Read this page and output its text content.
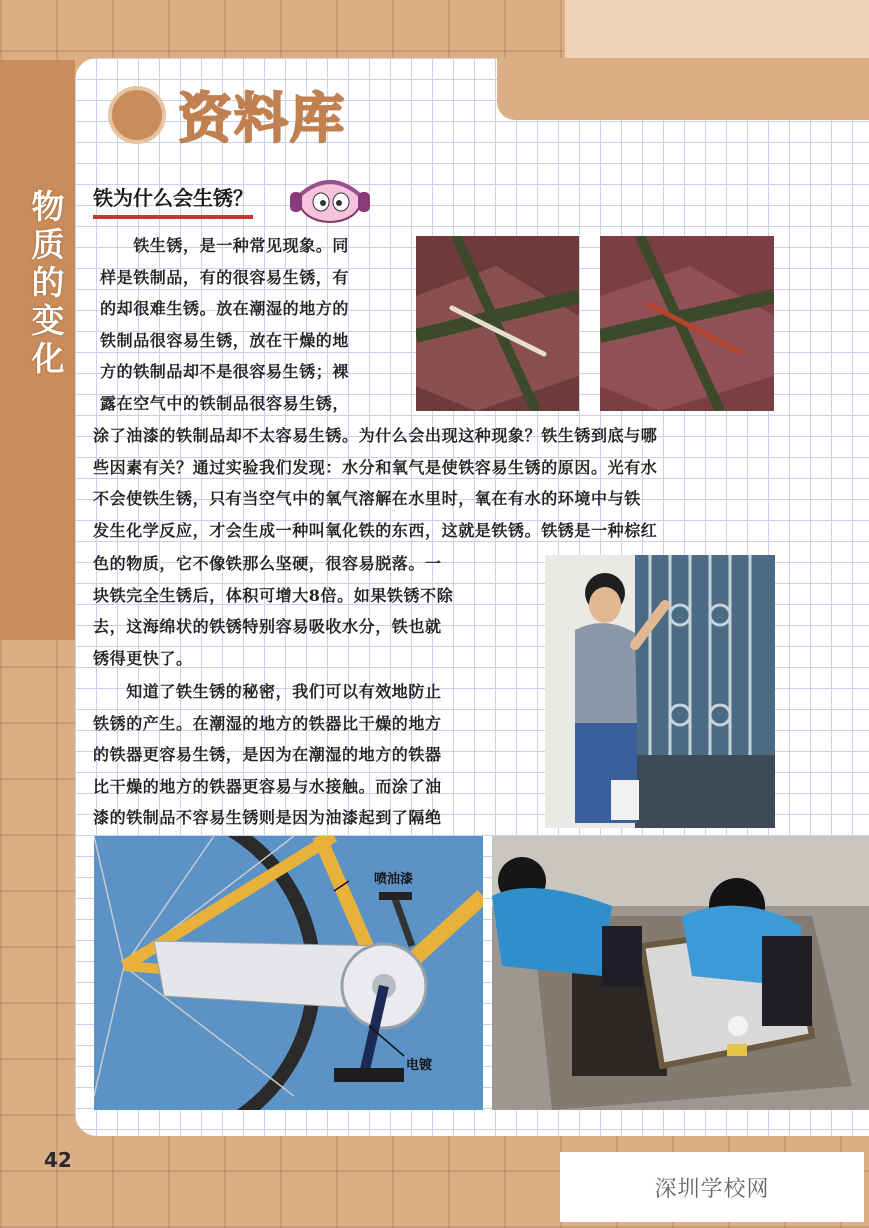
物
质
的
变
化
资料库
铁为什么会生锈？
　　铁生锈，是一种常见现象。同
样是铁制品，有的很容易生锈，有
的却很难生锈。放在潮湿的地方的
铁制品很容易生锈，放在干燥的地
方的铁制品却不是很容易生锈；裸
露在空气中的铁制品很容易生锈，
涂了油漆的铁制品却不太容易生锈。为什么会出现这种现象？铁生锈到底与哪
些因素有关？通过实验我们发现：水分和氧气是使铁容易生锈的原因。光有水
不会使铁生锈，只有当空气中的氧气溶解在水里时，氧在有水的环境中与铁
发生化学反应，才会生成一种叫氧化铁的东西，这就是铁锈。铁锈是一种棕红
色的物质，它不像铁那么坚硬，很容易脱落。一
块铁完全生锈后，体积可增大8倍。如果铁锈不除
去，这海绵状的铁锈特别容易吸收水分，铁也就
锈得更快了。
　　知道了铁生锈的秘密，我们可以有效地防止
铁锈的产生。在潮湿的地方的铁器比干燥的地方
的铁器更容易生锈，是因为在潮湿的地方的铁器
比干燥的地方的铁器更容易与水接触。而涂了油
漆的铁制品不容易生锈则是因为油漆起到了隔绝
喷油漆
电镀
42
深圳学校网
